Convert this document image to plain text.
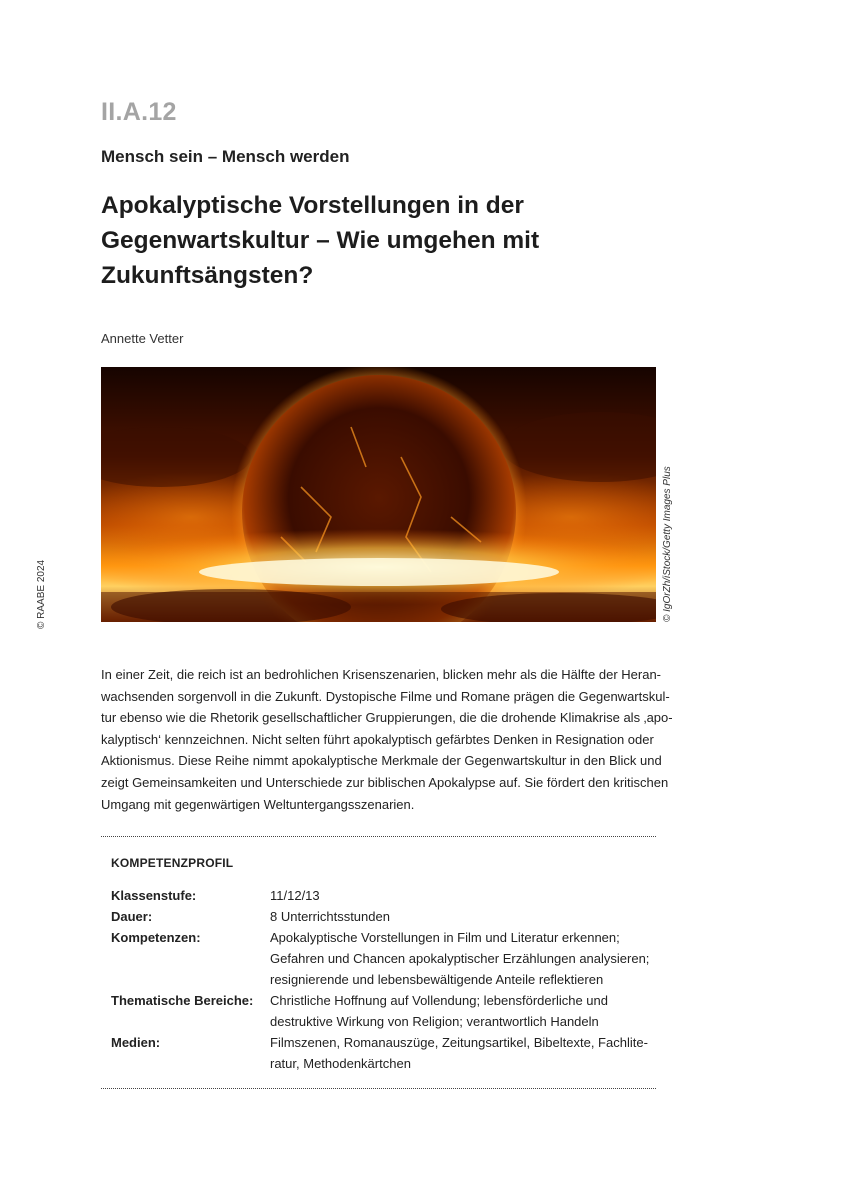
II.A.12
Mensch sein – Mensch werden
Apokalyptische Vorstellungen in der
Gegenwartskultur – Wie umgehen mit
Zukunftsängsten?
Annette Vetter
© IgOrZh/iStock/Getty Images Plus
© RAABE 2024
In einer Zeit, die reich ist an bedrohlichen Krisenszenarien, blicken mehr als die Hälfte der Heran-
wachsenden sorgenvoll in die Zukunft. Dystopische Filme und Romane prägen die Gegenwartskul-
tur ebenso wie die Rhetorik gesellschaftlicher Gruppierungen, die die drohende Klimakrise als ‚apo-
kalyptisch‘ kennzeichnen. Nicht selten führt apokalyptisch gefärbtes Denken in Resignation oder
Aktionismus. Diese Reihe nimmt apokalyptische Merkmale der Gegenwartskultur in den Blick und
zeigt Gemeinsamkeiten und Unterschiede zur biblischen Apokalypse auf. Sie fördert den kritischen
Umgang mit gegenwärtigen Weltuntergangsszenarien.
KOMPETENZPROFIL
Klassenstufe:	11/12/13
Dauer:	8 Unterrichtsstunden
Kompetenzen:	Apokalyptische Vorstellungen in Film und Literatur erkennen;
Gefahren und Chancen apokalyptischer Erzählungen analysieren;
resignierende und lebensbewältigende Anteile reflektieren
Thematische Bereiche: Christliche Hoffnung auf Vollendung; lebensförderliche und
destruktive Wirkung von Religion; verantwortlich Handeln
Medien:	Filmszenen, Romanauszüge, Zeitungsartikel, Bibeltexte, Fachlite-
ratur, Methodenkärtchen
